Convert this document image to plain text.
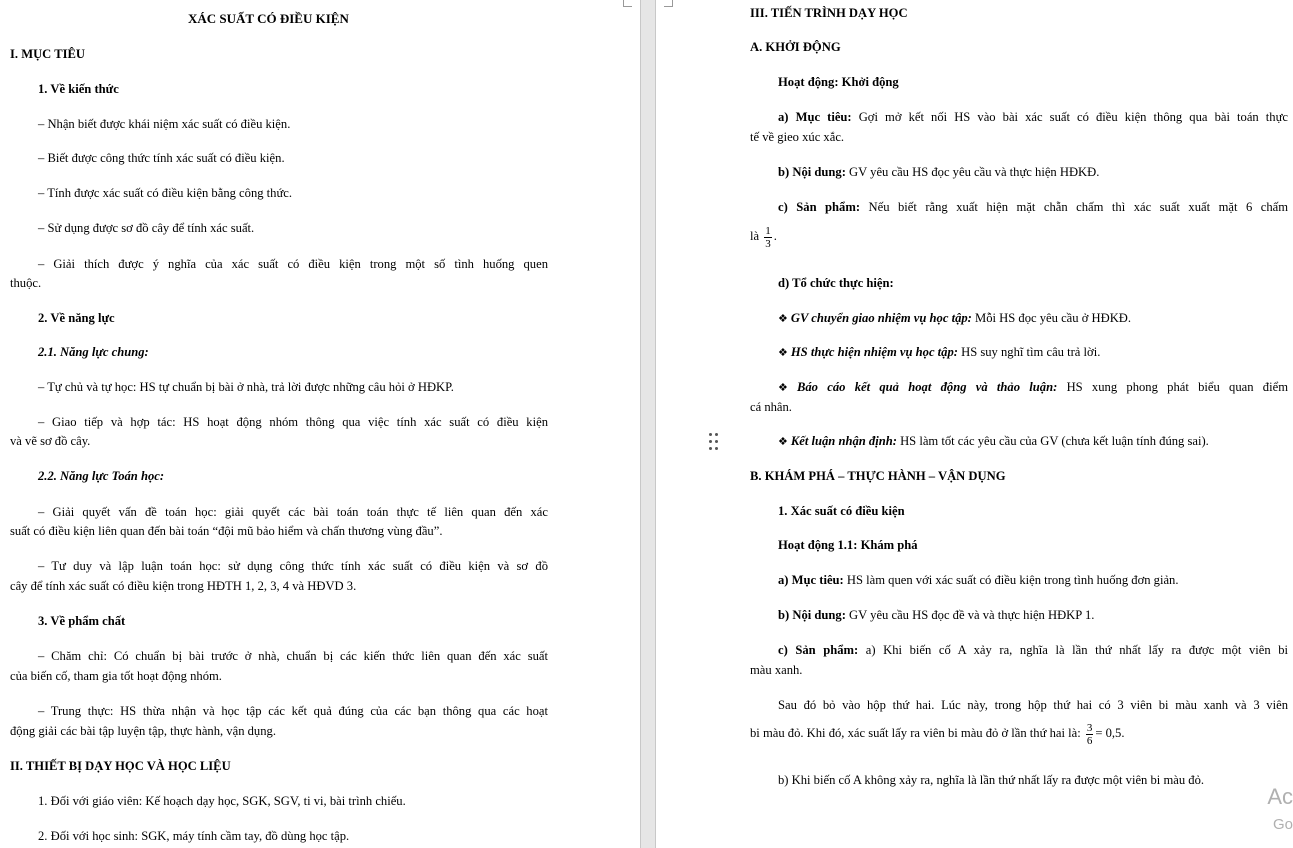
XÁC SUẤT CÓ ĐIỀU KIỆN
I. MỤC TIÊU
1. Về kiến thức
– Nhận biết được khái niệm xác suất có điều kiện.
– Biết được công thức tính xác suất có điều kiện.
– Tính được xác suất có điều kiện bằng công thức.
– Sử dụng được sơ đồ cây để tính xác suất.
– Giải thích được ý nghĩa của xác suất có điều kiện trong một số tình huống quen
thuộc.
2. Về năng lực
2.1. Năng lực chung:
– Tự chủ và tự học: HS tự chuẩn bị bài ở nhà, trả lời được những câu hỏi ở HĐKP.
– Giao tiếp và hợp tác: HS hoạt động nhóm thông qua việc tính xác suất có điều kiện
và vẽ sơ đồ cây.
2.2. Năng lực Toán học:
– Giải quyết vấn đề toán học: giải quyết các bài toán toán thực tế liên quan đến xác
suất có điều kiện liên quan đến bài toán “đội mũ bảo hiểm và chấn thương vùng đầu”.
– Tư duy và lập luận toán học: sử dụng công thức tính xác suất có điều kiện và sơ đồ
cây để tính xác suất có điều kiện trong HĐTH 1, 2, 3, 4 và HĐVD 3.
3. Về phẩm chất
– Chăm chỉ: Có chuẩn bị bài trước ở nhà, chuẩn bị các kiến thức liên quan đến xác suất
của biến cố, tham gia tốt hoạt động nhóm.
– Trung thực: HS thừa nhận và học tập các kết quả đúng của các bạn thông qua các hoạt
động giải các bài tập luyện tập, thực hành, vận dụng.
II. THIẾT BỊ DẠY HỌC VÀ HỌC LIỆU
1. Đối với giáo viên: Kế hoạch dạy học, SGK, SGV, ti vi, bài trình chiếu.
2. Đối với học sinh: SGK, máy tính cầm tay, đồ dùng học tập.
III. TIẾN TRÌNH DẠY HỌC
A. KHỞI ĐỘNG
Hoạt động: Khởi động
a) Mục tiêu: Gợi mở kết nối HS vào bài xác suất có điều kiện thông qua bài toán thực
tế về gieo xúc xắc.
b) Nội dung: GV yêu cầu HS đọc yêu cầu và thực hiện HĐKĐ.
c) Sản phẩm: Nếu biết rằng xuất hiện mặt chẵn chấm thì xác suất xuất mặt 6 chấm
là $\frac{1}{3}$ .
d) Tổ chức thực hiện:
❖ GV chuyển giao nhiệm vụ học tập: Mỗi HS đọc yêu cầu ở HĐKĐ.
❖ HS thực hiện nhiệm vụ học tập: HS suy nghĩ tìm câu trả lời.
❖ Báo cáo kết quả hoạt động và thảo luận: HS xung phong phát biểu quan điểm
cá nhân.
❖ Kết luận nhận định: HS làm tốt các yêu cầu của GV (chưa kết luận tính đúng sai).
B. KHÁM PHÁ – THỰC HÀNH – VẬN DỤNG
1. Xác suất có điều kiện
Hoạt động 1.1: Khám phá
a) Mục tiêu: HS làm quen với xác suất có điều kiện trong tình huống đơn giản.
b) Nội dung: GV yêu cầu HS đọc đề và và thực hiện HĐKP 1.
c) Sản phẩm: a) Khi biến cố A xảy ra, nghĩa là lần thứ nhất lấy ra được một viên bi
màu xanh.
Sau đó bỏ vào hộp thứ hai. Lúc này, trong hộp thứ hai có 3 viên bi màu xanh và 3 viên
bi màu đỏ. Khi đó, xác suất lấy ra viên bi màu đỏ ở lần thứ hai là: $\frac{3}{6} = 0,5$.
b) Khi biến cố A không xảy ra, nghĩa là lần thứ nhất lấy ra được một viên bi màu đỏ.
Ac
Go
